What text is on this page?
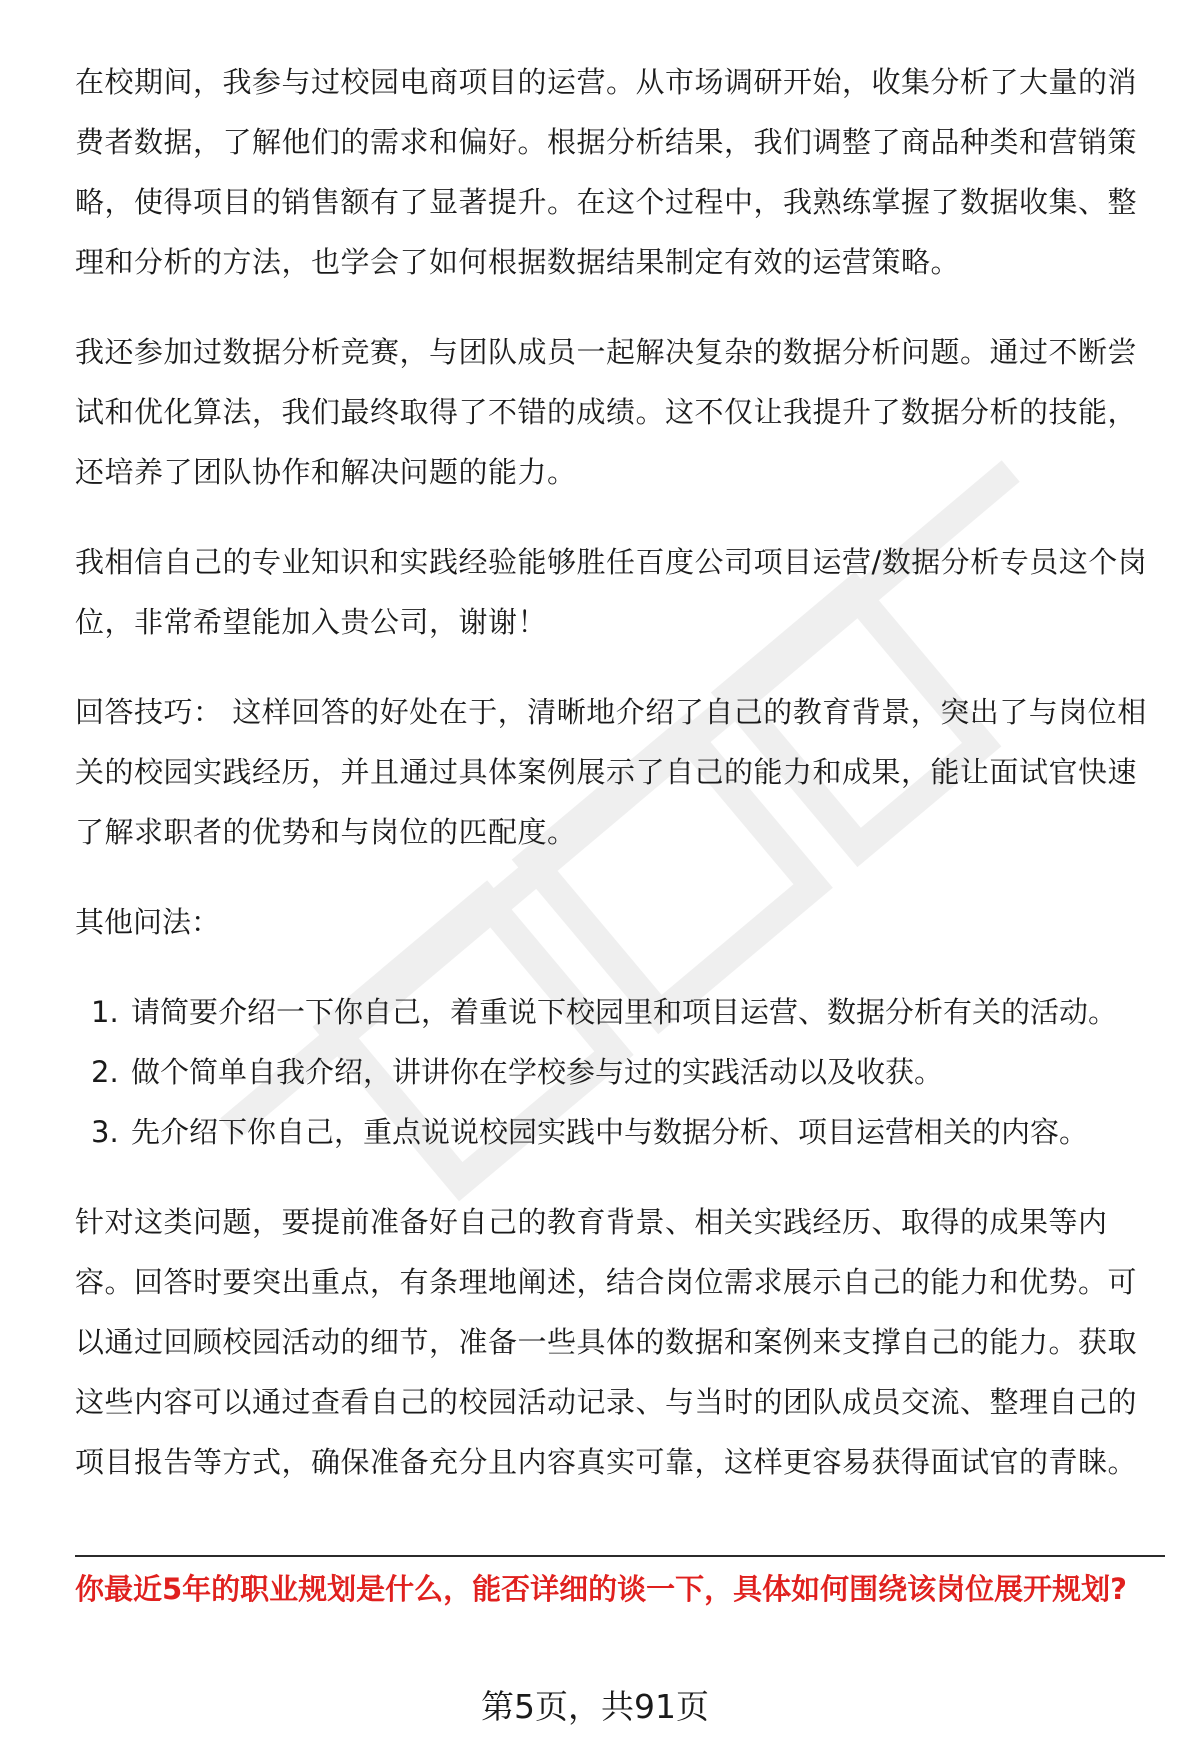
在校期间，我参与过校园电商项目的运营。从市场调研开始，收集分析了大量的消费者数据，了解他们的需求和偏好。根据分析结果，我们调整了商品种类和营销策略，使得项目的销售额有了显著提升。在这个过程中，我熟练掌握了数据收集、整理和分析的方法，也学会了如何根据数据结果制定有效的运营策略。

我还参加过数据分析竞赛，与团队成员一起解决复杂的数据分析问题。通过不断尝试和优化算法，我们最终取得了不错的成绩。这不仅让我提升了数据分析的技能，还培养了团队协作和解决问题的能力。

我相信自己的专业知识和实践经验能够胜任百度公司项目运营/数据分析专员这个岗位，非常希望能加入贵公司，谢谢！

回答技巧： 这样回答的好处在于，清晰地介绍了自己的教育背景，突出了与岗位相关的校园实践经历，并且通过具体案例展示了自己的能力和成果，能让面试官快速了解求职者的优势和与岗位的匹配度。

其他问法：

1. 请简要介绍一下你自己，着重说下校园里和项目运营、数据分析有关的活动。
2. 做个简单自我介绍，讲讲你在学校参与过的实践活动以及收获。
3. 先介绍下你自己，重点说说校园实践中与数据分析、项目运营相关的内容。

针对这类问题，要提前准备好自己的教育背景、相关实践经历、取得的成果等内容。回答时要突出重点，有条理地阐述，结合岗位需求展示自己的能力和优势。可以通过回顾校园活动的细节，准备一些具体的数据和案例来支撑自己的能力。获取这些内容可以通过查看自己的校园活动记录、与当时的团队成员交流、整理自己的项目报告等方式，确保准备充分且内容真实可靠，这样更容易获得面试官的青睐。

你最近5年的职业规划是什么，能否详细的谈一下，具体如何围绕该岗位展开规划?
第5页，共91页
